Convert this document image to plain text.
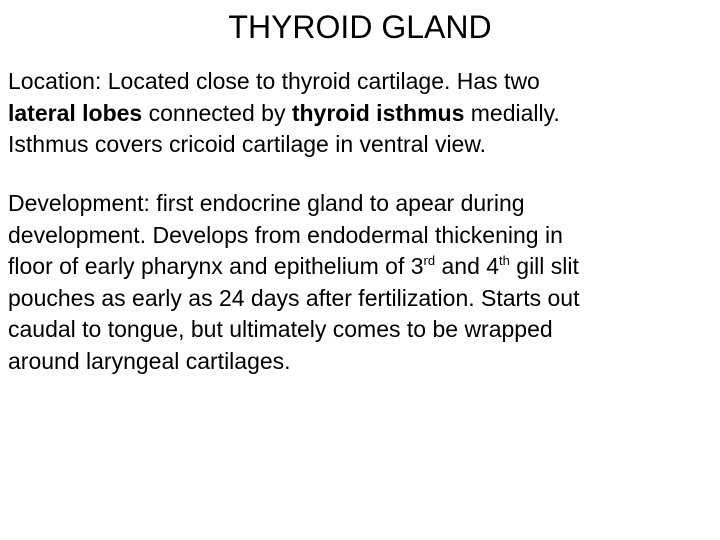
THYROID GLAND

Location: Located close to thyroid cartilage. Has two
lateral lobes connected by thyroid isthmus medially.
Isthmus covers cricoid cartilage in ventral view.

Development: first endocrine gland to apear during
development. Develops from endodermal thickening in
floor of early pharynx and epithelium of 3rd and 4th gill slit
pouches as early as 24 days after fertilization. Starts out
caudal to tongue, but ultimately comes to be wrapped
around laryngeal cartilages.
